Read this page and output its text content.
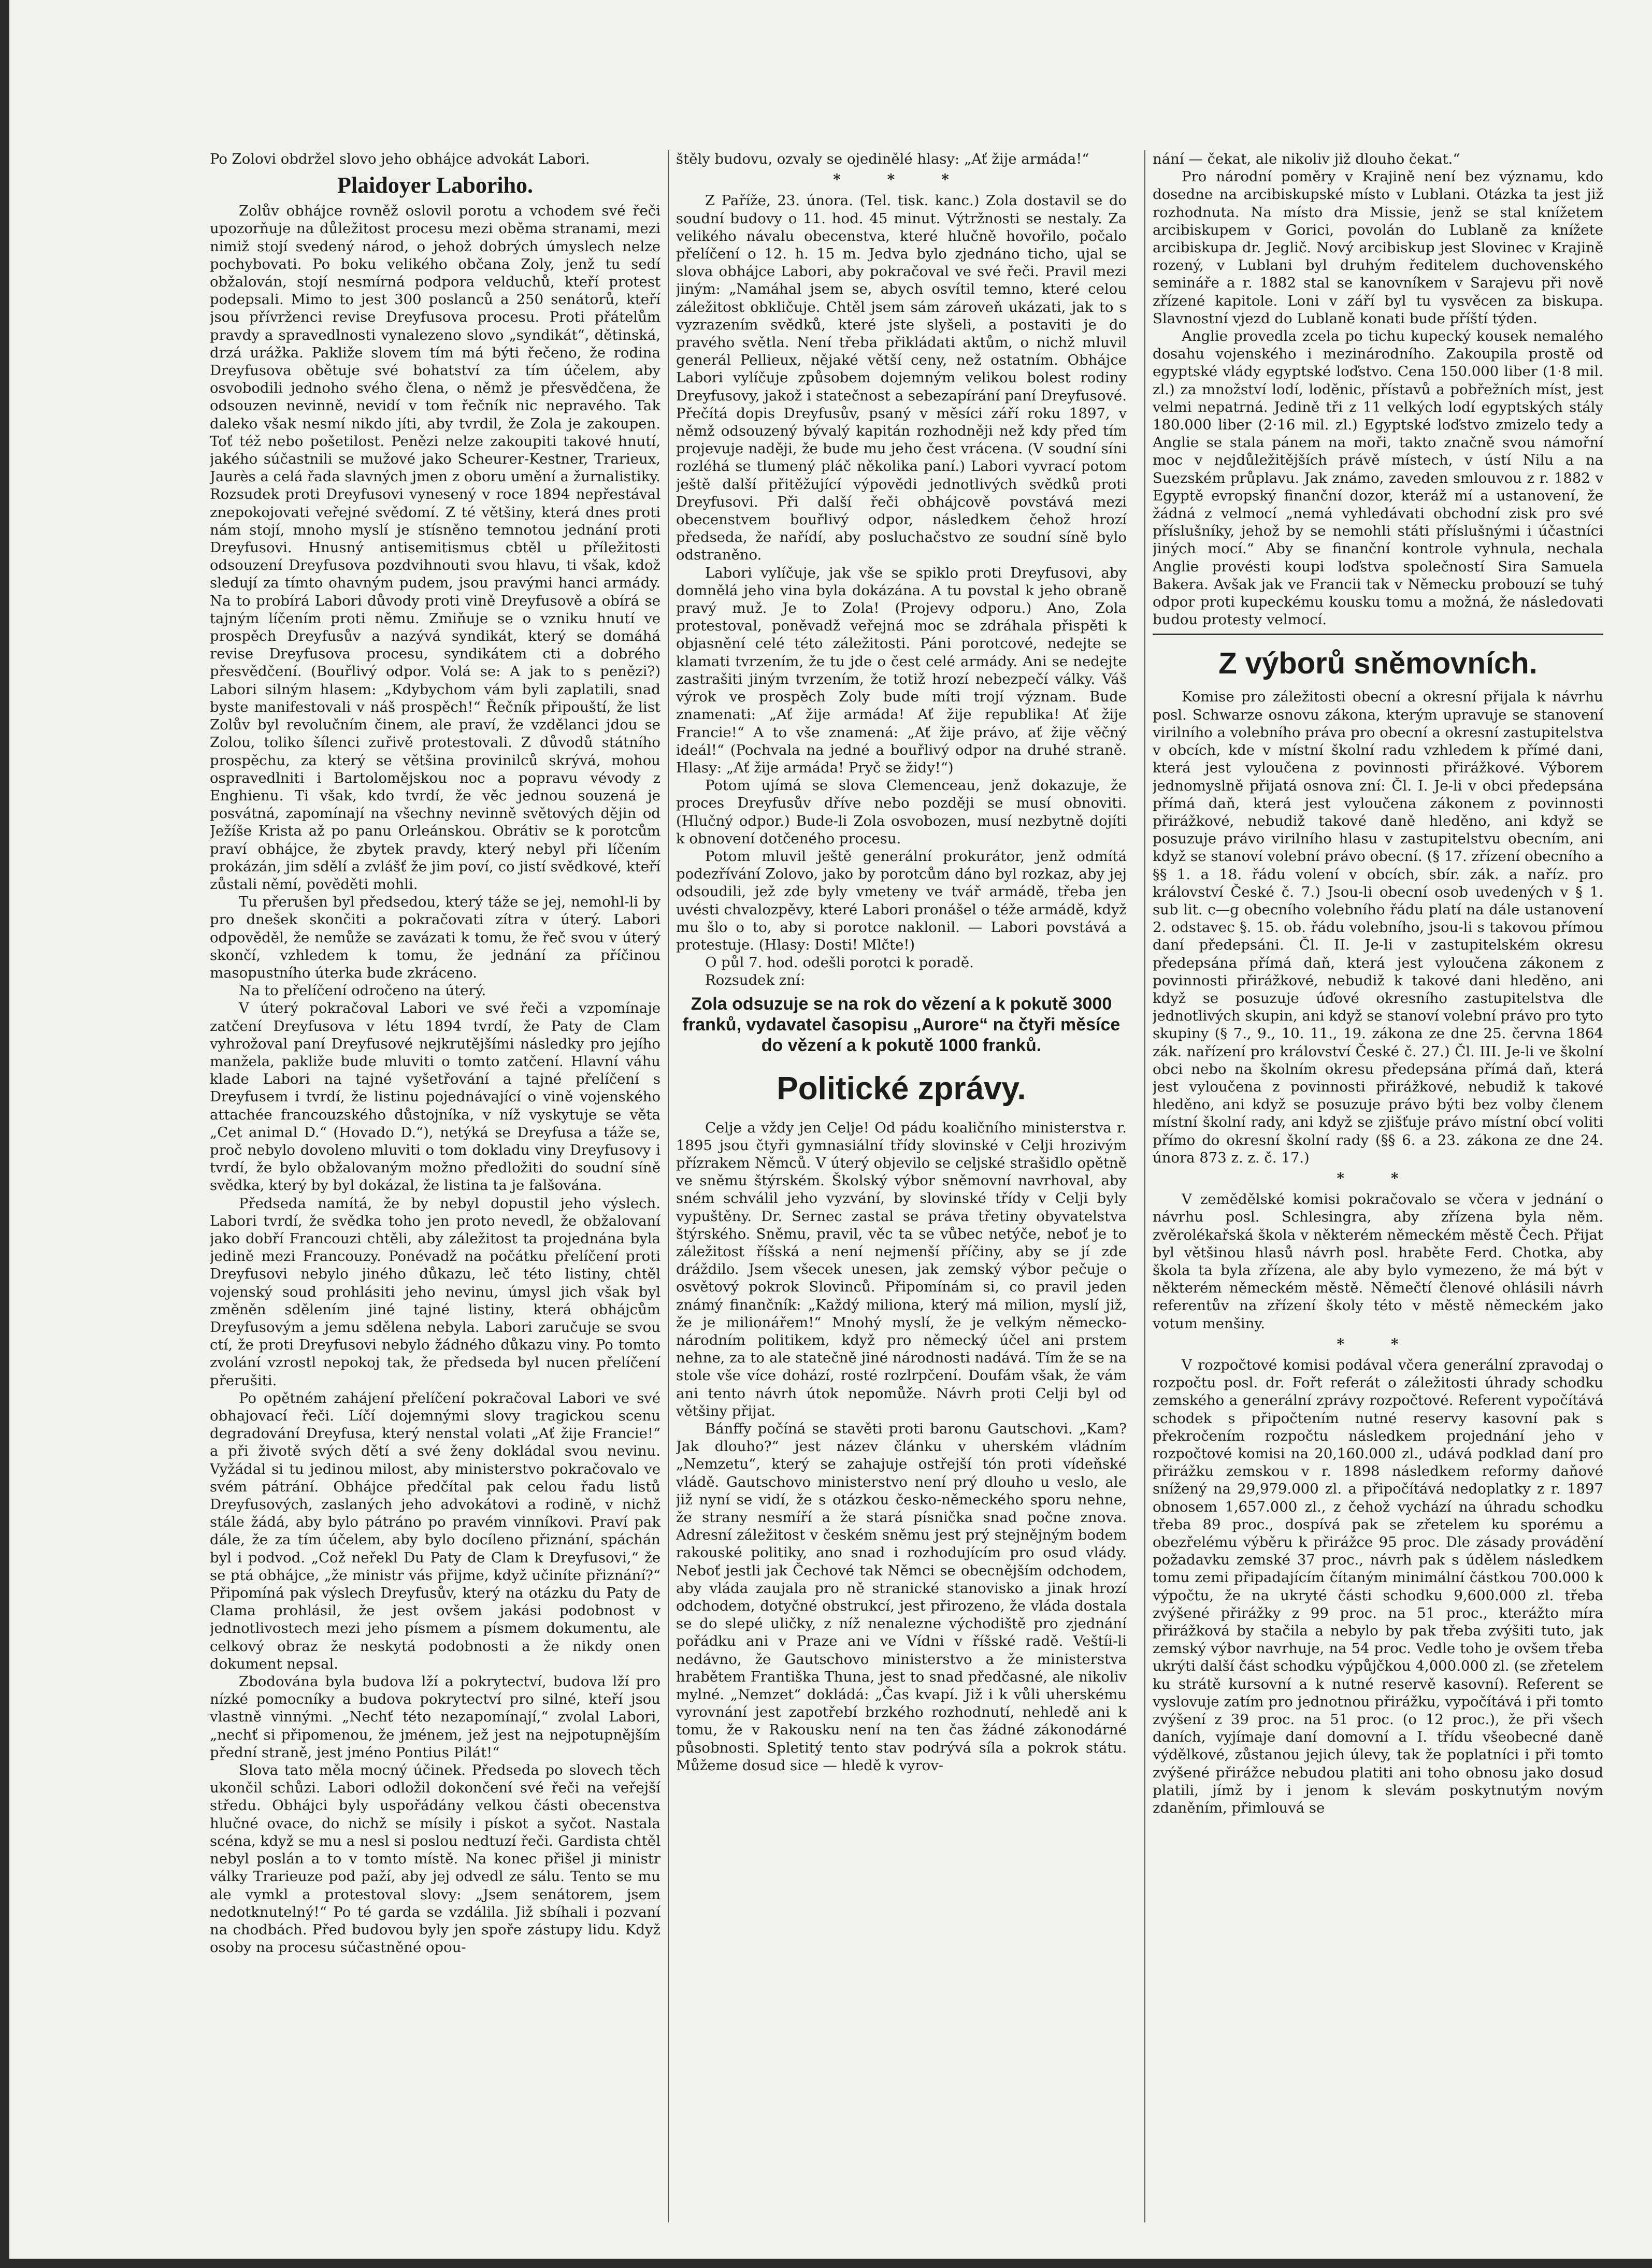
Po Zolovi obdržel slovo jeho obhájce advokát Labori.

Plaidoyer Laboriho.

Zolův obhájce rovněž oslovil porotu a vchodem své řeči upozorňuje na důležitost procesu mezi oběma stranami, mezi nimiž stojí svedený národ, o jehož dobrých úmyslech nelze pochybovati. Po boku velikého občana Zoly, jenž tu sedí obžalován, stojí nesmírná podpora velduchů, kteří protest podepsali. Mimo to jest 300 poslanců a 250 senátorů, kteří jsou přívrženci revise Dreyfusova procesu. Proti přátelům pravdy a spravedlnosti vynalezeno slovo „syndikát“, dětinská, drzá urážka. Pakliže slovem tím má býti řečeno, že rodina Dreyfusova obětuje své bohatství za tím účelem, aby osvobodili jednoho svého člena, o němž je přesvědčena, že odsouzen nevinně, nevidí v tom řečník nic nepravého. Tak daleko však nesmí nikdo jíti, aby tvrdil, že Zola je zakoupen. Toť též nebo pošetilost. Penězi nelze zakoupiti takové hnutí, jakého súčastnili se mužové jako Scheurer-Kestner, Trarieux, Jaurès a celá řada slavných jmen z oboru umění a žurnalistiky. Rozsudek proti Dreyfusovi vynesený v roce 1894 nepřestával znepokojovati veřejné svědomí. Z té většiny, která dnes proti nám stojí, mnoho myslí je stísněno temnotou jednání proti Dreyfusovi. Hnusný antisemitismus cbtěl u příležitosti odsouzení Dreyfusova pozdvihnouti svou hlavu, ti však, kdož sledují za tímto ohavným pudem, jsou pravými hanci armády. Na to probírá Labori důvody proti vině Dreyfusově a obírá se tajným líčením proti němu. Zmiňuje se o vzniku hnutí ve prospěch Dreyfusův a nazývá syndikát, který se domáhá revise Dreyfusova procesu, syndikátem cti a dobrého přesvědčení. (Bouřlivý odpor. Volá se: A jak to s penězi?) Labori silným hlasem: „Kdybychom vám byli zaplatili, snad byste manifestovali v náš prospěch!“ Řečník připouští, že list Zolův byl revolučním činem, ale praví, že vzdělanci jdou se Zolou, toliko šílenci zuřivě protestovali. Z důvodů státního prospěchu, za který se většina provinilců skrývá, mohou ospravedlniti i Bartolomějskou noc a popravu vévody z Enghienu. Ti však, kdo tvrdí, že věc jednou souzená je posvátná, zapomínají na všechny nevinně světových dějin od Ježíše Krista až po panu Orleánskou. Obrátiv se k porotcům praví obhájce, že zbytek pravdy, který nebyl při líčením prokázán, jim sdělí a zvlášť že jim poví, co jistí svědkové, kteří zůstali němí, pověděti mohli.

Tu přerušen byl předsedou, který táže se jej, nemohl-li by pro dnešek skončiti a pokračovati zítra v úterý. Labori odpověděl, že nemůže se zavázati k tomu, že řeč svou v úterý skončí, vzhledem k tomu, že jednání za příčinou masopustního úterka bude zkráceno.

Na to přelíčení odročeno na úterý.

V úterý pokračoval Labori ve své řeči a vzpomínaje zatčení Dreyfusova v létu 1894 tvrdí, že Paty de Clam vyhrožoval paní Dreyfusové nejkrutějšími následky pro jejího manžela, pakliže bude mluviti o tomto zatčení. Hlavní váhu klade Labori na tajné vyšetřování a tajné přelíčení s Dreyfusem i tvrdí, že listinu pojednávající o vině vojenského attachée francouzského důstojníka, v níž vyskytuje se věta „Cet animal D.“ (Hovado D.“), netýká se Dreyfusa a táže se, proč nebylo dovoleno mluviti o tom dokladu viny Dreyfusovy i tvrdí, že bylo obžalovaným možno předložiti do soudní síně svědka, který by byl dokázal, že listina ta je falšována.

Předseda namítá, že by nebyl dopustil jeho výslech. Labori tvrdí, že svědka toho jen proto nevedl, že obžalovaní jako dobří Francouzi chtěli, aby záležitost ta projednána byla jedině mezi Francouzy. Ponévadž na počátku přelíčení proti Dreyfusovi nebylo jiného důkazu, leč této listiny, chtěl vojenský soud prohlásiti jeho nevinu, úmysl jich však byl změněn sdělením jiné tajné listiny, která obhájcům Dreyfusovým a jemu sdělena nebyla. Labori zaručuje se svou ctí, že proti Dreyfusovi nebylo žádného důkazu viny. Po tomto zvolání vzrostl nepokoj tak, že předseda byl nucen přelíčení přerušiti.

Po opětném zahájení přelíčení pokračoval Labori ve své obhajovací řeči. Líčí dojemnými slovy tragickou scenu degradování Dreyfusa, který nenstal volati „Ať žije Francie!“ a při životě svých dětí a své ženy dokládal svou nevinu. Vyžádal si tu jedinou milost, aby ministerstvo pokračovalo ve svém pátrání. Obhájce předčítal pak celou řadu listů Dreyfusových, zaslaných jeho advokátovi a rodině, v nichž stále žádá, aby bylo pátráno po pravém vinníkovi. Praví pak dále, že za tím účelem, aby bylo docíleno přiznání, spáchán byl i podvod. „Což neřekl Du Paty de Clam k Dreyfusovi,“ že se ptá obhájce, „že ministr vás přijme, když učiníte přiznání?“ Připomíná pak výslech Dreyfusův, který na otázku du Paty de Clama prohlásil, že jest ovšem jakási podobnost v jednotlivostech mezi jeho písmem a písmem dokumentu, ale celkový obraz že neskytá podobnosti a že nikdy onen dokument nepsal.

Zbodována byla budova lží a pokrytectví, budova lží pro nízké pomocníky a budova pokrytectví pro silné, kteří jsou vlastně vinnými. „Nechť této nezapomínají,“ zvolal Labori, „nechť si připomenou, že jménem, jež jest na nejpotupnějším přední straně, jest jméno Pontius Pilát!“

Slova tato měla mocný účinek. Předseda po slovech těch ukončil schůzi. Labori odložil dokončení své řeči na veřejší středu. Obhájci byly uspořádány velkou části obecenstva hlučné ovace, do nichž se mísily i pískot a syčot. Nastala scéna, když se mu a nesl si poslou nedtuzí řeči. Gardista chtěl nebyl poslán a to v tomto místě. Na konec přišel ji ministr války Trarieuze pod paží, aby jej odvedl ze sálu. Tento se mu ale vymkl a protestoval slovy: „Jsem senátorem, jsem nedotknutelný!“ Po té garda se vzdálila. Již sbíhali i pozvaní na chodbách. Před budovou byly jen spoře zástupy lidu. Když osoby na procesu súčastněné opou-

štěly budovu, ozvaly se ojedinělé hlasy: „Ať žije armáda!“

* * *

Z Paříže, 23. února. (Tel. tisk. kanc.) Zola dostavil se do soudní budovy o 11. hod. 45 minut. Výtržnosti se nestaly. Za velikého návalu obecenstva, které hlučně hovořilo, počalo přelíčení o 12. h. 15 m. Jedva bylo zjednáno ticho, ujal se slova obhájce Labori, aby pokračoval ve své řeči. Pravil mezi jiným: „Namáhal jsem se, abych osvítil temno, které celou záležitost obkličuje. Chtěl jsem sám zároveň ukázati, jak to s vyzrazením svědků, které jste slyšeli, a postaviti je do pravého světla. Není třeba přikládati aktům, o nichž mluvil generál Pellieux, nějaké větší ceny, než ostatním. Obhájce Labori vylíčuje způsobem dojemným velikou bolest rodiny Dreyfusovy, jakož i statečnost a sebezapírání paní Dreyfusové. Přečítá dopis Dreyfusův, psaný v měsíci září roku 1897, v němž odsouzený bývalý kapitán rozhodněji než kdy před tím projevuje naději, že bude mu jeho čest vrácena. (V soudní síni rozléhá se tlumený pláč několika paní.) Labori vyvrací potom ještě další přitěžující výpovědi jednotlivých svědků proti Dreyfusovi. Při další řeči obhájcově povstává mezi obecenstvem bouřlivý odpor, následkem čehož hrozí předseda, že nařídí, aby posluchačstvo ze soudní síně bylo odstraněno.

Labori vylíčuje, jak vše se spiklo proti Dreyfusovi, aby domnělá jeho vina byla dokázána. A tu povstal k jeho obraně pravý muž. Je to Zola! (Projevy odporu.) Ano, Zola protestoval, poněvadž veřejná moc se zdráhala přispěti k objasnění celé této záležitosti. Páni porotcové, nedejte se klamati tvrzením, že tu jde o čest celé armády. Ani se nedejte zastrašiti jiným tvrzením, že totiž hrozí nebezpečí války. Váš výrok ve prospěch Zoly bude míti trojí význam. Bude znamenati: „Ať žije armáda! Ať žije republika! Ať žije Francie!“ A to vše znamená: „Ať žije právo, ať žije věčný ideál!“ (Pochvala na jedné a bouřlivý odpor na druhé straně. Hlasy: „Ať žije armáda! Pryč se židy!“)

Potom ujímá se slova Clemenceau, jenž dokazuje, že proces Dreyfusův dříve nebo později se musí obnoviti. (Hlučný odpor.) Bude-li Zola osvobozen, musí nezbytně dojíti k obnovení dotčeného procesu.

Potom mluvil ještě generální prokurátor, jenž odmítá podezřívání Zolovo, jako by porotcům dáno byl rozkaz, aby jej odsoudili, jež zde byly vmeteny ve tvář armádě, třeba jen uvésti chvalozpěvy, které Labori pronášel o téže armádě, když mu šlo o to, aby si porotce naklonil. — Labori povstává a protestuje. (Hlasy: Dosti! Mlčte!)

O půl 7. hod. odešli porotci k poradě.

Rozsudek zní:

Zola odsuzuje se na rok do vězení a k pokutě 3000 franků, vydavatel časopisu „Aurore“ na čtyři měsíce do vězení a k pokutě 1000 franků.
Politické zprávy.

Celje a vždy jen Celje! Od pádu koaličního ministerstva r. 1895 jsou čtyři gymnasiální třídy slovinské v Celji hrozivým přízrakem Němců. V úterý objevilo se celjské strašidlo opětně ve sněmu štýrském. Školský výbor sněmovní navrhoval, aby sném schválil jeho vyzvání, by slovinské třídy v Celji byly vypuštěny. Dr. Sernec zastal se práva třetiny obyvatelstva štýrského. Sněmu, pravil, věc ta se vůbec netýče, neboť je to záležitost říšská a není nejmenší příčiny, aby se jí zde dráždilo. Jsem všecek unesen, jak zemský výbor pečuje o osvětový pokrok Slovinců. Připomínám si, co pravil jeden známý finančník: „Každý miliona, který má milion, myslí již, že je milionářem!“ Mnohý myslí, že je velkým německo-národním politikem, když pro německý účel ani prstem nehne, za to ale statečně jiné národnosti nadává. Tím že se na stole vše více dohází, rosté rozlrpčení. Doufám však, že vám ani tento návrh útok nepomůže. Návrh proti Celji byl od většiny přijat.

Bánffy počíná se stavěti proti baronu Gautschovi. „Kam? Jak dlouho?“ jest název článku v uherském vládním „Nemzetu“, který se zahajuje ostřejší tón proti vídeňské vládě. Gautschovo ministerstvo není prý dlouho u veslo, ale již nyní se vidí, že s otázkou česko-německého sporu nehne, že strany nesmíří a že stará písnička snad počne znova. Adresní záležitost v českém sněmu jest prý stejnějným bodem rakouské politiky, ano snad i rozhodujícím pro osud vlády. Neboť jestli jak Čechové tak Němci se obecnějším odchodem, aby vláda zaujala pro ně stranické stanovisko a jinak hrozí odchodem, dotyčné obstrukcí, jest přirozeno, že vláda dostala se do slepé uličky, z níž nenalezne východiště pro zjednání pořádku ani v Praze ani ve Vídni v říšské radě. Veštíi-li nedávno, že Gautschovo ministerstvo a že ministerstva hrabětem Františka Thuna, jest to snad předčasné, ale nikoliv mylné. „Nemzet“ dokládá: „Čas kvapí. Již i k vůli uherskému vyrovnání jest zapotřebí brzkého rozhodnutí, nehledě ani k tomu, že v Rakousku není na ten čas žádné zákonodárné působnosti. Spletitý tento stav podrývá síla a pokrok státu. Můžeme dosud sice — hledě k vyrov-

nání — čekat, ale nikoliv již dlouho čekat.“

Pro národní poměry v Krajině není bez významu, kdo dosedne na arcibiskupské místo v Lublani. Otázka ta jest již rozhodnuta. Na místo dra Missie, jenž se stal knížetem arcibiskupem v Gorici, povolán do Lublaně za knížete arcibiskupa dr. Jeglič. Nový arcibiskup jest Slovinec v Krajině rozený, v Lublani byl druhým ředitelem duchovenského semináře a r. 1882 stal se kanovníkem v Sarajevu při nově zřízené kapitole. Loni v září byl tu vysvěcen za biskupa. Slavnostní vjezd do Lublaně konati bude příští týden.

Anglie provedla zcela po tichu kupecký kousek nemalého dosahu vojenského i mezinárodního. Zakoupila prostě od egyptské vlády egyptské loďstvo. Cena 150.000 liber (1·8 mil. zl.) za množství lodí, loděnic, přístavů a pobřežních míst, jest velmi nepatrná. Jedině tři z 11 velkých lodí egyptských stály 180.000 liber (2·16 mil. zl.) Egyptské loďstvo zmizelo tedy a Anglie se stala pánem na moři, takto značně svou námořní moc v nejdůležitějších právě místech, v ústí Nilu a na Suezském průplavu. Jak známo, zaveden smlouvou z r. 1882 v Egyptě evropský finanční dozor, kteráž mí a ustanovení, že žádná z velmocí „nemá vyhledávati obchodní zisk pro své příslušníky, jehož by se nemohli státi příslušnými i účastníci jiných mocí.“ Aby se finanční kontrole vyhnula, nechala Anglie provésti koupi loďstva společností Sira Samuela Bakera. Avšak jak ve Francii tak v Německu probouzí se tuhý odpor proti kupeckému kousku tomu a možná, že následovati budou protesty velmocí.

Z výborů sněmovních.

Komise pro záležitosti obecní a okresní přijala k návrhu posl. Schwarze osnovu zákona, kterým upravuje se stanovení virilního a volebního práva pro obecní a okresní zastupitelstva v obcích, kde v místní školní radu vzhledem k přímé dani, která jest vyloučena z povinnosti přirážkové. Výborem jednomyslně přijatá osnova zní: Čl. I. Je-li v obci předepsána přímá daň, která jest vyloučena zákonem z povinnosti přirážkové, nebudiž takové daně hleděno, ani když se posuzuje právo virilního hlasu v zastupitelstvu obecním, ani když se stanoví volební právo obecní. (§ 17. zřízení obecního a §§ 1. a 18. řádu volení v obcích, sbír. zák. a naříz. pro království České č. 7.) Jsou-li obecní osob uvedených v § 1. sub lit. c—g obecního volebního řádu platí na dále ustanovení 2. odstavec §. 15. ob. řádu volebního, jsou-li s takovou přímou daní předepsáni. Čl. II. Je-li v zastupitelském okresu předepsána přímá daň, která jest vyloučena zákonem z povinnosti přirážkové, nebudiž k takové dani hleděno, ani když se posuzuje úďové okresního zastupitelstva dle jednotlivých skupin, ani když se stanoví volební právo pro tyto skupiny (§ 7., 9., 10. 11., 19. zákona ze dne 25. června 1864 zák. nařízení pro království České č. 27.) Čl. III. Je-li ve školní obci nebo na školním okresu předepsána přímá daň, která jest vyloučena z povinnosti přirážkové, nebudiž k takové hleděno, ani když se posuzuje právo býti bez volby členem místní školní rady, ani když se zjišťuje právo místní obcí voliti přímo do okresní školní rady (§§ 6. a 23. zákona ze dne 24. února 873 z. z. č. 17.)

* *

V zemědělské komisi pokračovalo se včera v jednání o návrhu posl. Schlesingra, aby zřízena byla něm. zvěrolékařská škola v některém německém městě Čech. Přijat byl většinou hlasů návrh posl. hraběte Ferd. Chotka, aby škola ta byla zřízena, ale aby bylo vymezeno, že má být v některém německém městě. Němečtí členové ohlásili návrh referentův na zřízení školy této v městě německém jako votum menšiny.

* *

V rozpočtové komisi podával včera generální zpravodaj o rozpočtu posl. dr. Fořt referát o záležitosti úhrady schodku zemského a generální zprávy rozpočtové. Referent vypočítává schodek s připočtením nutné reservy kasovní pak s překročením rozpočtu následkem projednání jeho v rozpočtové komisi na 20,160.000 zl., udává podklad daní pro přirážku zemskou v r. 1898 následkem reformy daňové snížený na 29,979.000 zl. a připočítává nedoplatky z r. 1897 obnosem 1,657.000 zl., z čehož vychází na úhradu schodku třeba 89 proc., dospívá pak se zřetelem ku sporému a obezřelému výběru k přirážce 95 proc. Dle zásady provádění požadavku zemské 37 proc., návrh pak s údělem následkem tomu zemi připadajícím čítaným minimální částkou 700.000 k výpočtu, že na ukryté části schodku 9,600.000 zl. třeba zvýšené přirážky z 99 proc. na 51 proc., kterážto míra přirážková by stačila a nebylo by pak třeba zvýšiti tuto, jak zemský výbor navrhuje, na 54 proc. Vedle toho je ovšem třeba ukrýti další část schodku výpůjčkou 4,000.000 zl. (se zřetelem ku strátě kursovní a k nutné reservě kasovní). Referent se vyslovuje zatím pro jednotnou přirážku, vypočítává i při tomto zvýšení z 39 proc. na 51 proc. (o 12 proc.), že při všech daních, vyjímaje daní domovní a I. třídu všeobecné daně výdělkové, zůstanou jejich úlevy, tak že poplatníci i při tomto zvýšené přirážce nebudou platiti ani toho obnosu jako dosud platili, jímž by i jenom k slevám poskytnutým novým zdaněním, přimlouvá se
